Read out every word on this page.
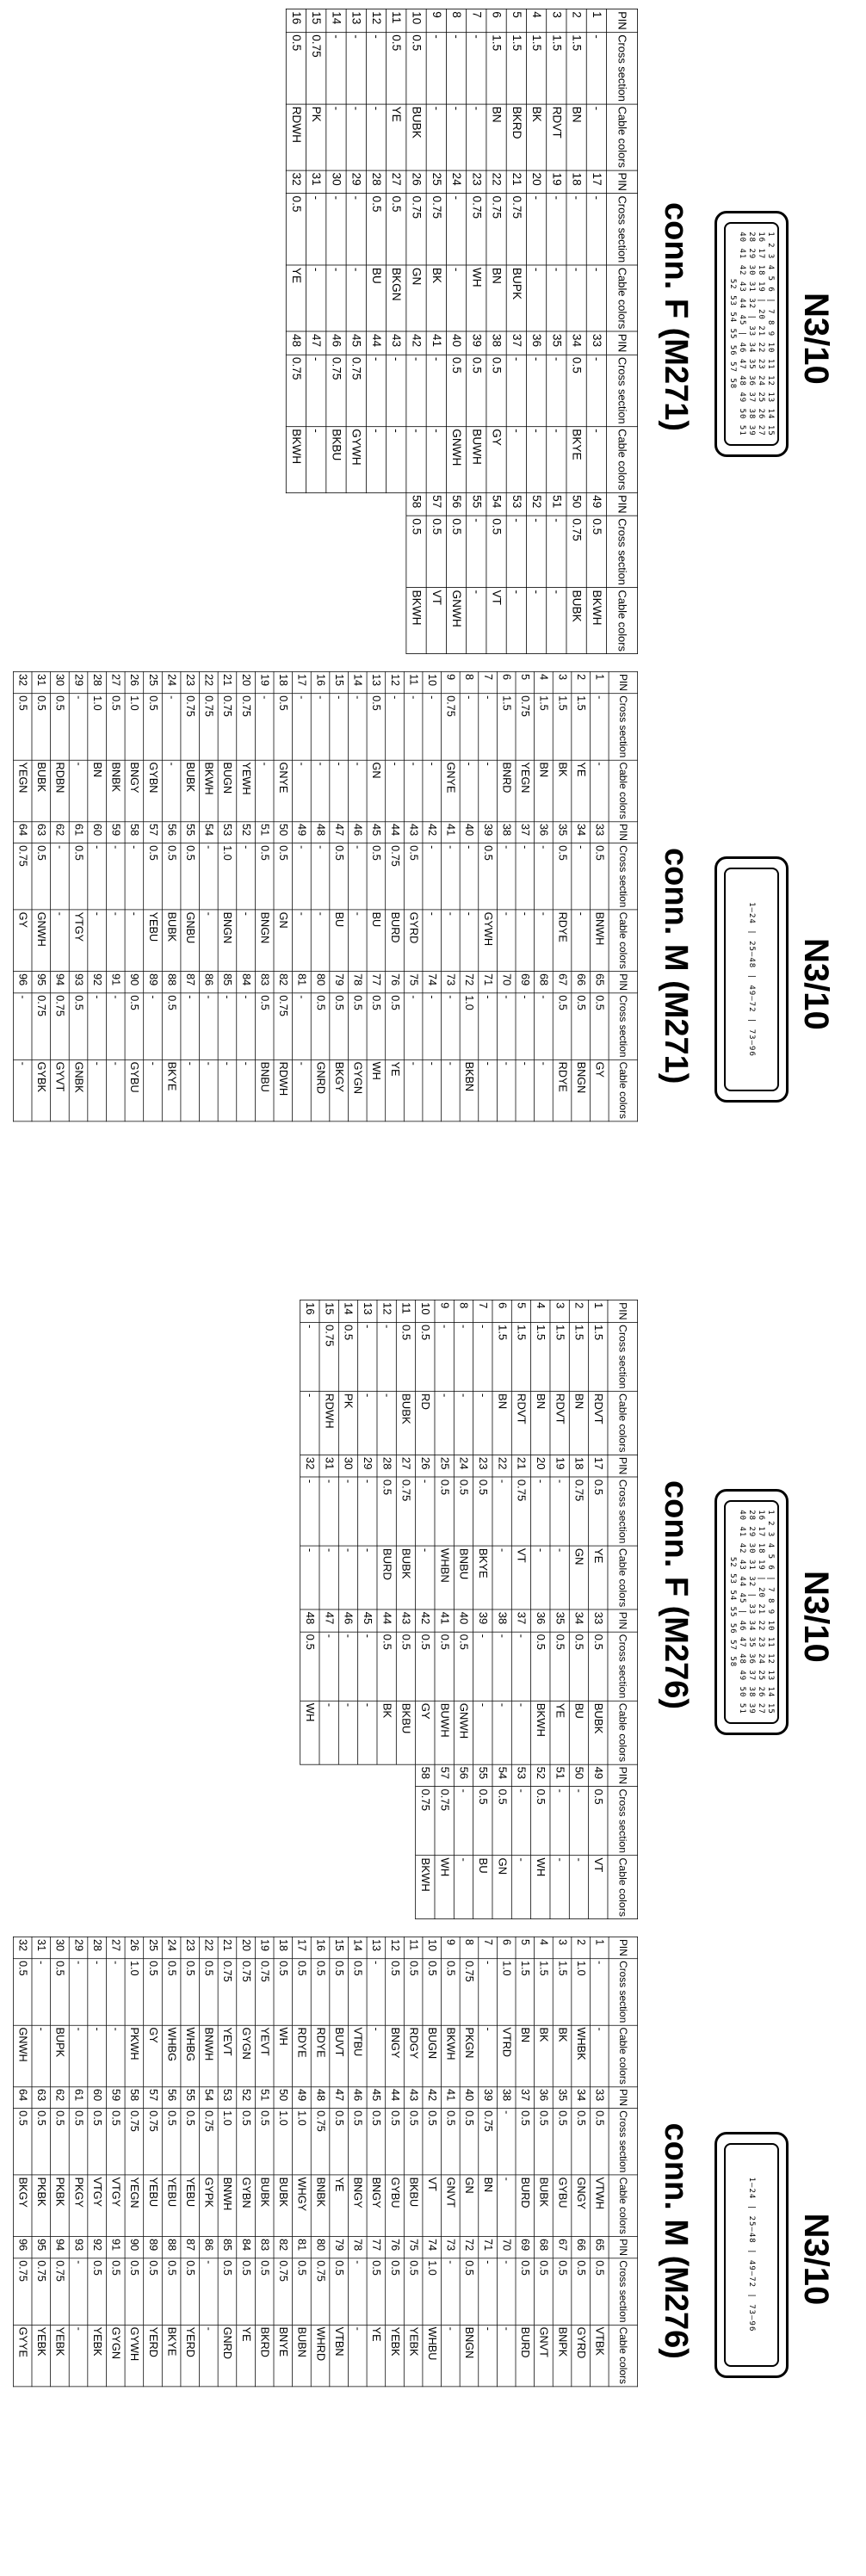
N3/10
1 2 3 4 5 6 | 7 8 9 10 11 12 13 14 15 16 17 18 19 | 20 21 22 23 24 25 26 27 28 29 30 31 32 | 33 34 35 36 37 38 39 40 41 42 43 44 45 | 46 47 48 49 50 51 52 53 54 55 56 57 58
conn. F (M271)
PIN	Cross section	Cable colors	PIN	Cross section	Cable colors	PIN	Cross section	Cable colors	PIN	Cross section	Cable colors
1	-	-	17	-	-	33	-	-	49	0.5	BKWH
2	1.5	BN	18	-	-	34	0.5	BKYE	50	0.75	BUBK
3	1.5	RDVT	19	-	-	35	-	-	51	-	-
4	1.5	BK	20	-	-	36	-	-	52	-	-
5	1.5	BKRD	21	0.75	BUPK	37	-	-	53	-	-
6	1.5	BN	22	0.75	BN	38	0.5	GY	54	0.5	VT
7	-	-	23	0.75	WH	39	0.5	BUWH	55	-	-
8	-	-	24	-	-	40	0.5	GNWH	56	0.5	GNWH
9	-	-	25	0.75	BK	41	-	-	57	0.5	VT
10	0.5	BUBK	26	0.75	GN	42	-	-	58	0.5	BKWH
11	0.5	YE	27	0.5	BKGN	43	-	-			
12	-	-	28	0.5	BU	44	-	-			
13	-	-	29	-	-	45	0.75	GYWH			
14	-	-	30	-	-	46	0.75	BKBU			
15	0.75	PK	31	-	-	47	-	-			
16	0.5	RDWH	32	0.5	YE	48	0.75	BKWH			
N3/10
1–24 | 25–48 | 49–72 | 73–96
conn. M (M271)
PIN	Cross section	Cable colors	PIN	Cross section	Cable colors	PIN	Cross section	Cable colors
1	-	-	33	0.5	BNWH	65	0.5	GY
2	1.5	YE	34	-	-	66	0.5	BNGN
3	1.5	BK	35	0.5	RDYE	67	0.5	RDYE
4	1.5	BN	36	-	-	68	-	-
5	0.75	YEGN	37	-	-	69	-	-
6	1.5	BNRD	38	-	-	70	-	-
7	-	-	39	0.5	GYWH	71	-	-
8	-	-	40	-	-	72	1.0	BKBN
9	0.75	GNYE	41	-	-	73	-	-
10	-	-	42	-	-	74	-	-
11	-	-	43	0.5	GYRD	75	-	-
12	-	-	44	0.75	BURD	76	0.5	YE
13	0.5	GN	45	0.5	BU	77	0.5	WH
14	-	-	46	-	-	78	0.5	GYGN
15	-	-	47	0.5	BU	79	0.5	BKGY
16	-	-	48	-	-	80	0.5	GNRD
17	-	-	49	-	-	81	-	-
18	0.5	GNYE	50	0.5	GN	82	0.75	RDWH
19	-	-	51	0.5	BNGN	83	0.5	BNBU
20	0.75	YEWH	52	-	-	84	-	-
21	0.75	BUGN	53	1.0	BNGN	85	-	-
22	0.75	BKWH	54	-	-	86	-	-
23	0.75	BUBK	55	0.5	GNBU	87	-	-
24	-	-	56	0.5	BUBK	88	0.5	BKYE
25	0.5	GYBN	57	0.5	YEBU	89	-	-
26	1.0	BNGY	58	-	-	90	0.5	GYBU
27	0.5	BNBK	59	-	-	91	-	-
28	1.0	BN	60	-	-	92	-	-
29	-	-	61	0.5	YTGY	93	0.5	GNBK
30	0.5	RDBN	62	-	-	94	0.75	GYVT
31	0.5	BUBK	63	0.5	GNWH	95	0.75	GYBK
32	0.5	YEGN	64	0.75	GY	96	-	-
N3/10
1 2 3 4 5 6 | 7 8 9 10 11 12 13 14 15 16 17 18 19 | 20 21 22 23 24 25 26 27 28 29 30 31 32 | 33 34 35 36 37 38 39 40 41 42 43 44 45 | 46 47 48 49 50 51 52 53 54 55 56 57 58
conn. F (M276)
PIN	Cross section	Cable colors	PIN	Cross section	Cable colors	PIN	Cross section	Cable colors	PIN	Cross section	Cable colors
1	1.5	RDVT	17	0.5	YE	33	0.5	BUBK	49	0.5	VT
2	1.5	BN	18	0.75	GN	34	0.5	BU	50	-	-
3	1.5	RDVT	19	-	-	35	0.5	YE	51	-	-
4	1.5	BN	20	-	-	36	0.5	BKWH	52	0.5	WH
5	1.5	RDVT	21	0.75	VT	37	-	-	53	-	-
6	1.5	BN	22	-	-	38	-	-	54	0.5	GN
7	-	-	23	0.5	BKYE	39	-	-	55	0.5	BU
8	-	-	24	0.5	BNBU	40	0.5	GNWH	56	-	-
9	-	-	25	0.5	WHBN	41	0.5	BUWH	57	0.75	WH
10	0.5	RD	26	-	-	42	0.5	GY	58	0.75	BKWH
11	0.5	BUBK	27	0.75	BUBK	43	0.5	BKBU			
12	-	-	28	0.5	BURD	44	0.5	BK			
13	-	-	29	-	-	45	-	-			
14	0.5	PK	30	-	-	46	-	-			
15	0.75	RDWH	31	-	-	47	-	-			
16	-	-	32	-	-	48	0.5	WH			
N3/10
1–24 | 25–48 | 49–72 | 73–96
conn. M (M276)
PIN	Cross section	Cable colors	PIN	Cross section	Cable colors	PIN	Cross section	Cable colors
1	-	-	33	0.5	VTWH	65	0.5	VTBK
2	1.0	WHBK	34	0.5	GNGY	66	0.5	GYRD
3	1.5	BK	35	0.5	GYBU	67	0.5	BNPK
4	1.5	BK	36	0.5	BUBK	68	0.5	GNVT
5	1.5	BN	37	0.5	BURD	69	0.5	BURD
6	1.0	VTRD	38	-	-	70	-	-
7	-	-	39	0.75	BN	71	-	-
8	0.75	PKGN	40	0.5	GN	72	0.5	BNGN
9	0.5	BKWH	41	0.5	GNVT	73	-	-
10	0.5	BUGN	42	0.5	VT	74	1.0	WHBU
11	0.5	RDGY	43	0.5	BKBU	75	0.5	YEBK
12	0.5	BNGY	44	0.5	GYBU	76	0.5	YEBK
13	-	-	45	0.5	BNGY	77	0.5	YE
14	0.5	VTBU	46	0.5	BNGY	78	-	-
15	0.5	BUVT	47	0.5	YE	79	0.5	VTBN
16	0.5	RDYE	48	0.75	BNBK	80	0.75	WHRD
17	0.5	RDYE	49	1.0	WHGY	81	0.5	BUBN
18	0.5	WH	50	1.0	BUBK	82	0.75	BNYE
19	0.75	YEVT	51	0.5	BUBK	83	0.5	BKRD
20	0.75	GYGN	52	0.5	GYBN	84	0.5	YE
21	0.75	YEVT	53	1.0	BNWH	85	0.5	GNRD
22	0.5	BNWH	54	0.75	GYPK	86	-	-
23	0.5	WHBG	55	0.5	YEBU	87	0.5	YERD
24	0.5	WHBG	56	0.5	YEBU	88	0.5	BKYE
25	0.5	GY	57	0.75	YEBU	89	0.5	YERD
26	1.0	PKWH	58	0.75	YEGN	90	0.5	GYWH
27	-	-	59	0.5	VTGY	91	0.5	GYGN
28	-	-	60	0.5	VTGY	92	0.5	YEBK
29	-	-	61	0.5	PKGY	93	-	-
30	0.5	BUPK	62	0.5	PKBK	94	0.75	YEBK
31	-	-	63	0.5	PKBK	95	0.75	YEBK
32	0.5	GNWH	64	0.5	BKGY	96	0.75	GYYE
